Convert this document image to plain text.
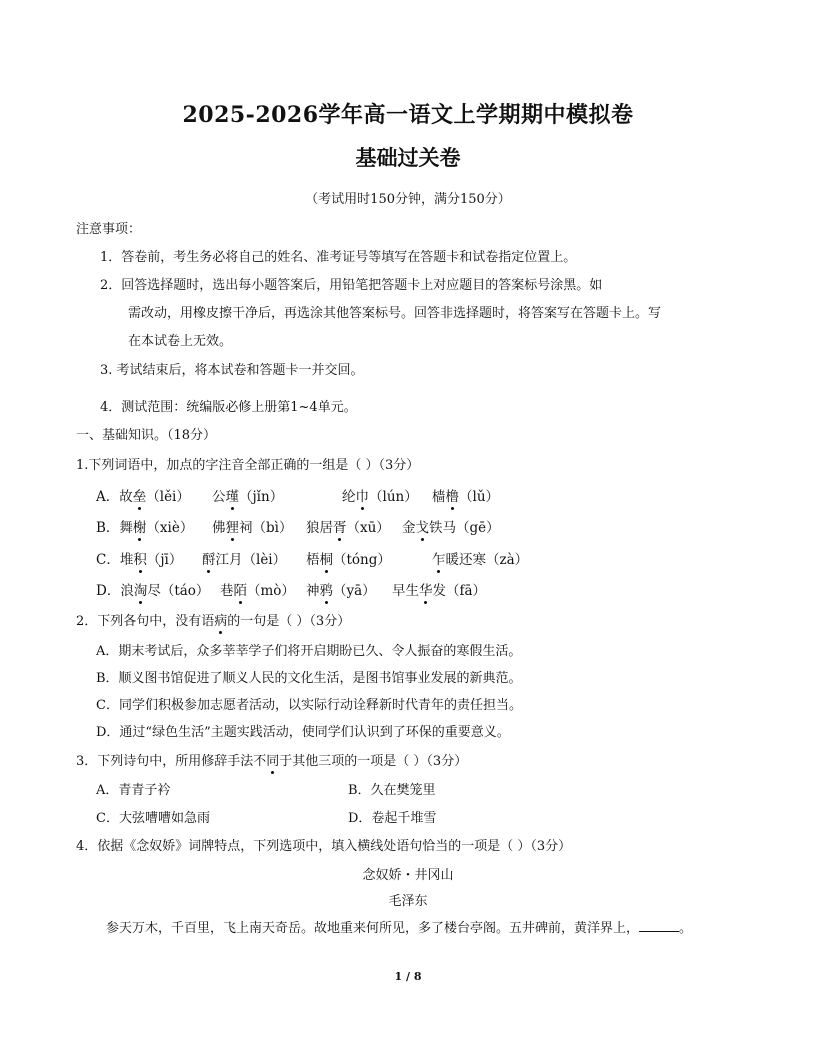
2025-2026学年高一语文上学期期中模拟卷
基础过关卷
（考试用时150分钟，满分150分）
注意事项：
1．答卷前，考生务必将自己的姓名、准考证号等填写在答题卡和试卷指定位置上。
2．回答选择题时，选出每小题答案后，用铅笔把答题卡上对应题目的答案标号涂黑。如
需改动，用橡皮擦干净后，再选涂其他答案标号。回答非选择题时，将答案写在答题卡上。写
在本试卷上无效。
3. 考试结束后，将本试卷和答题卡一并交回。
4．测试范围：统编版必修上册第1~4单元。
一、基础知识。（18分）
1.下列词语中，加点的字注音全部正确的一组是（ ）（3分）
A．故垒（lěi） 公瑾（jǐn）	纶巾（lún） 樯橹（lǔ）
B．舞榭（xiè） 佛狸祠（bì） 狼居胥（xū） 金戈铁马（gē）
C．堆积（jī） 酹江月（lèi） 梧桐（tóng）	乍暖还寒（zà）
D．浪淘尽（táo） 巷陌（mò） 神鸦（yā） 早生华发（fā）
2．下列各句中，没有语病的一句是（ ）（3分）
A．期末考试后，众多莘莘学子们将开启期盼已久、令人振奋的寒假生活。
B．顺义图书馆促进了顺义人民的文化生活，是图书馆事业发展的新典范。
C．同学们积极参加志愿者活动，以实际行动诠释新时代青年的责任担当。
D．通过“绿色生活”主题实践活动，使同学们认识到了环保的重要意义。
3．下列诗句中，所用修辞手法不同于其他三项的一项是（ ）（3分）
A．青青子衿	B．久在樊笼里
C．大弦嘈嘈如急雨	D．卷起千堆雪
4．依据《念奴娇》词牌特点，下列选项中，填入横线处语句恰当的一项是（ ）（3分）
念奴娇・井冈山
毛泽东
参天万木，千百里，飞上南天奇岳。故地重来何所见，多了楼台亭阁。五井碑前，黄洋界上，	。
1 / 8
